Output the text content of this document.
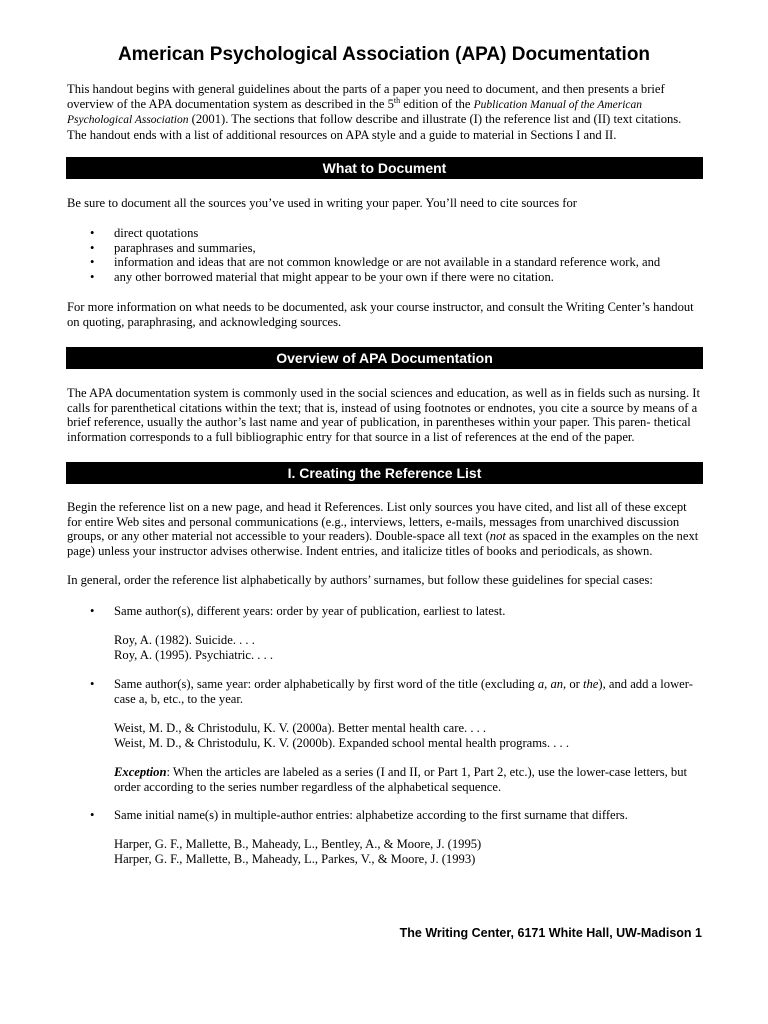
American Psychological Association (APA) Documentation
This handout begins with general guidelines about the parts of a paper you need to document, and then presents a brief
overview of the APA documentation system as described in the 5th edition of the Publication Manual of the American
Psychological Association (2001). The sections that follow describe and illustrate (I) the reference list and (II) text citations.
The handout ends with a list of additional resources on APA style and a guide to material in Sections I and II.
What to Document
Be sure to document all the sources you’ve used in writing your paper. You’ll need to cite sources for
• direct quotations
• paraphrases and summaries,
• information and ideas that are not common knowledge or are not available in a standard reference work, and
• any other borrowed material that might appear to be your own if there were no citation.
For more information on what needs to be documented, ask your course instructor, and consult the Writing Center’s handout
on quoting, paraphrasing, and acknowledging sources.
Overview of APA Documentation
The APA documentation system is commonly used in the social sciences and education, as well as in fields such as nursing. It
calls for parenthetical citations within the text; that is, instead of using footnotes or endnotes, you cite a source by means of a
brief reference, usually the author’s last name and year of publication, in parentheses within your paper. This paren- thetical
information corresponds to a full bibliographic entry for that source in a list of references at the end of the paper.
I. Creating the Reference List
Begin the reference list on a new page, and head it References. List only sources you have cited, and list all of these except
for entire Web sites and personal communications (e.g., interviews, letters, e-mails, messages from unarchived discussion
groups, or any other material not accessible to your readers). Double-space all text (not as spaced in the examples on the next
page) unless your instructor advises otherwise. Indent entries, and italicize titles of books and periodicals, as shown.
In general, order the reference list alphabetically by authors’ surnames, but follow these guidelines for special cases:
• Same author(s), different years: order by year of publication, earliest to latest.
Roy, A. (1982). Suicide. . . .
Roy, A. (1995). Psychiatric. . . .
• Same author(s), same year: order alphabetically by first word of the title (excluding a, an, or the), and add a lower-
case a, b, etc., to the year.
Weist, M. D., & Christodulu, K. V. (2000a). Better mental health care. . . .
Weist, M. D., & Christodulu, K. V. (2000b). Expanded school mental health programs. . . .
Exception: When the articles are labeled as a series (I and II, or Part 1, Part 2, etc.), use the lower-case letters, but
order according to the series number regardless of the alphabetical sequence.
• Same initial name(s) in multiple-author entries: alphabetize according to the first surname that differs.
Harper, G. F., Mallette, B., Maheady, L., Bentley, A., & Moore, J. (1995)
Harper, G. F., Mallette, B., Maheady, L., Parkes, V., & Moore, J. (1993)
The Writing Center, 6171 White Hall, UW-Madison 1
